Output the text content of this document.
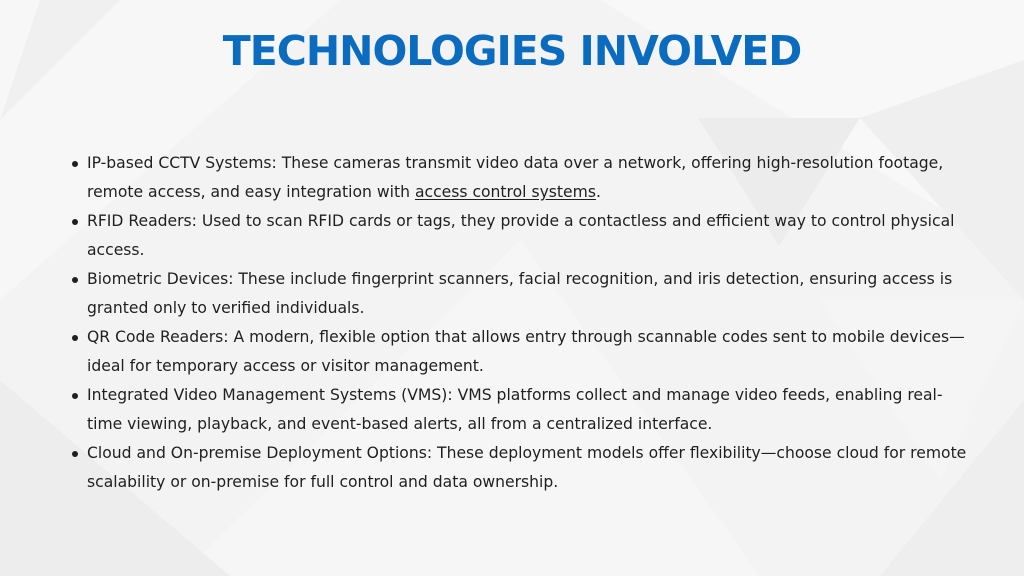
TECHNOLOGIES INVOLVED
IP-based CCTV Systems: These cameras transmit video data over a network, offering high-resolution footage, remote access, and easy integration with access control systems.
RFID Readers: Used to scan RFID cards or tags, they provide a contactless and efficient way to control physical access.
Biometric Devices: These include fingerprint scanners, facial recognition, and iris detection, ensuring access is granted only to verified individuals.
QR Code Readers: A modern, flexible option that allows entry through scannable codes sent to mobile devices—ideal for temporary access or visitor management.
Integrated Video Management Systems (VMS): VMS platforms collect and manage video feeds, enabling real-time viewing, playback, and event-based alerts, all from a centralized interface.
Cloud and On-premise Deployment Options: These deployment models offer flexibility—choose cloud for remote scalability or on-premise for full control and data ownership.
